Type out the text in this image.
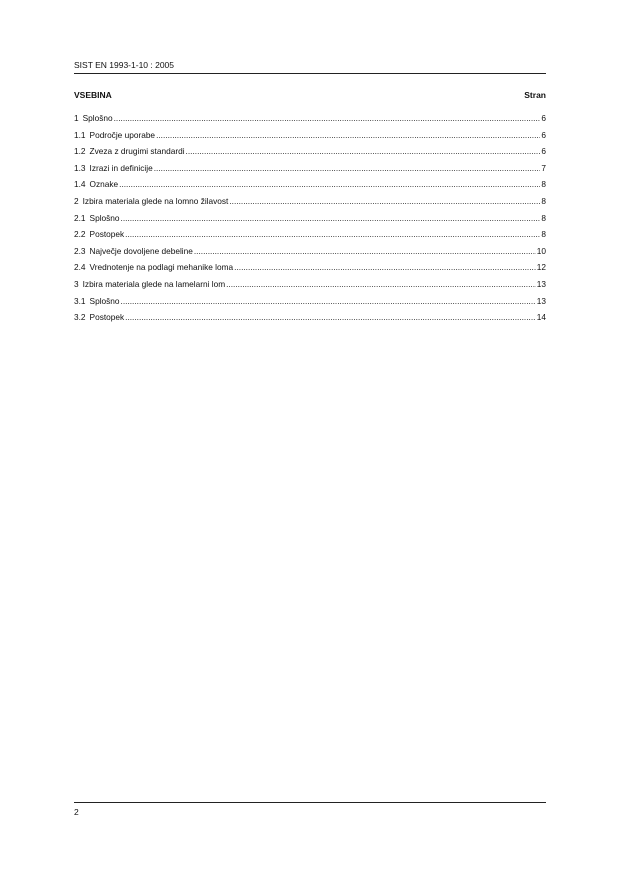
SIST EN 1993-1-10 : 2005
VSEBINA	Stran
1 Splošno .....	6
1.1 Področje uporabe .....	6
1.2 Zveza z drugimi standardi .....	6
1.3 Izrazi in definicije .....	7
1.4 Oznake .....	8
2 Izbira materiala glede na lomno žilavost .....	8
2.1 Splošno .....	8
2.2 Postopek .....	8
2.3 Največje dovoljene debeline .....	10
2.4 Vrednotenje na podlagi mehanike loma .....	12
3 Izbira materiala glede na lamelarni lom .....	13
3.1 Splošno .....	13
3.2 Postopek .....	14
2
